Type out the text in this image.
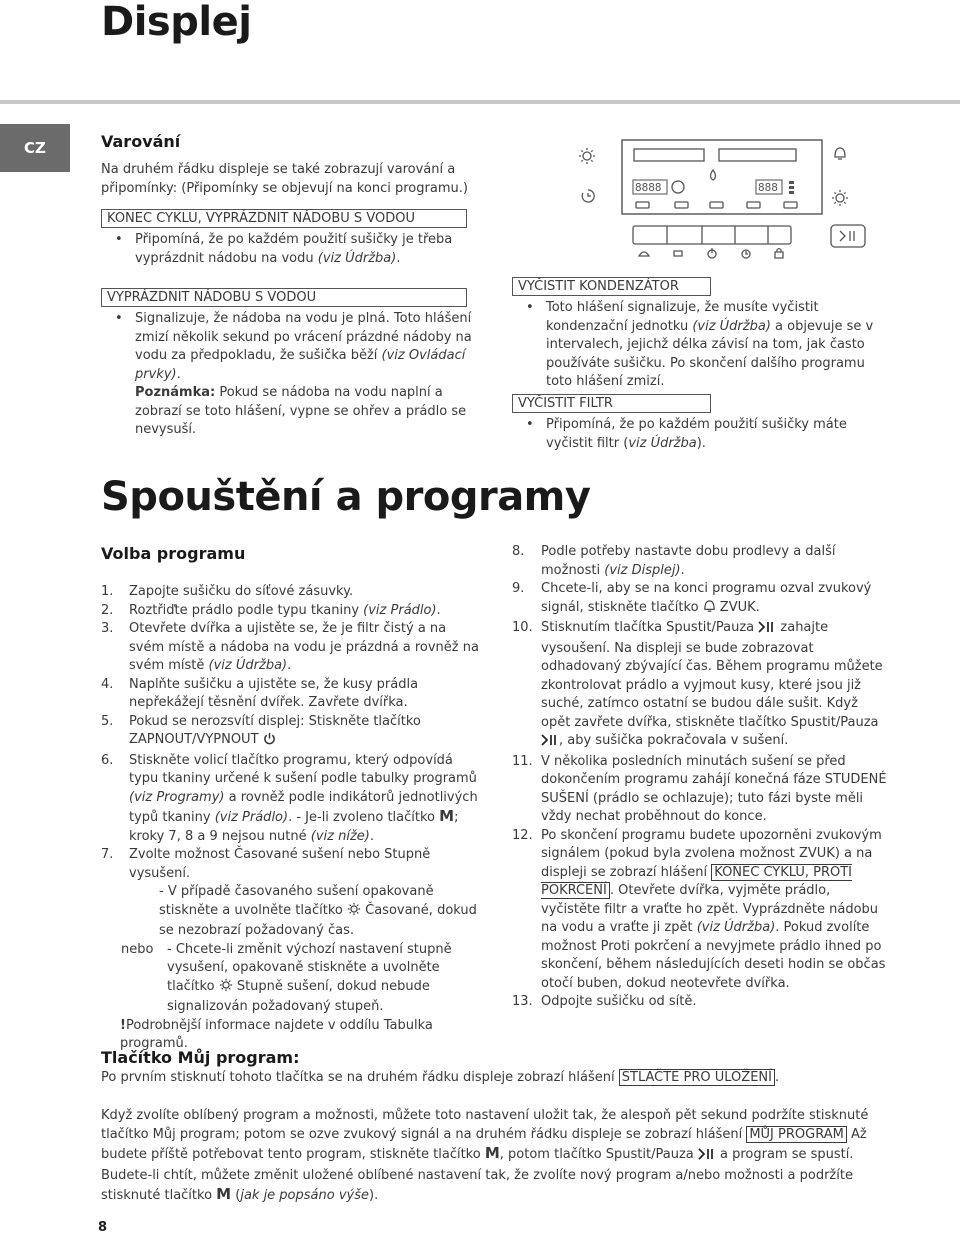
Displej
CZ	Varování
Na druhém řádku displeje se také zobrazují varování a připomínky: (Připomínky se objevují na konci programu.)
KONEC CYKLU, VYPRÁZDNIT NÁDOBU S VODOU
• Připomíná, že po každém použití sušičky je třeba vyprázdnit nádobu na vodu (viz Údržba).
VYPRÁZDNIT NÁDOBU S VODOU
• Signalizuje, že nádoba na vodu je plná. Toto hlášení zmizí několik sekund po vrácení prázdné nádoby na vodu za předpokladu, že sušička běží (viz Ovládací prvky).
Poznámka: Pokud se nádoba na vodu naplní a zobrazí se toto hlášení, vypne se ohřev a prádlo se nevysuší.
8888	888
VYČISTIT KONDENZÁTOR
• Toto hlášení signalizuje, že musíte vyčistit kondenzační jednotku (viz Údržba) a objevuje se v intervalech, jejichž délka závisí na tom, jak často používáte sušičku. Po skončení dalšího programu toto hlášení zmizí.
VYČISTIT FILTR
• Připomíná, že po každém použití sušičky máte vyčistit filtr (viz Údržba).
Spouštění a programy
Volba programu
1. Zapojte sušičku do síťové zásuvky.
2. Roztřiďte prádlo podle typu tkaniny (viz Prádlo).
3. Otevřete dvířka a ujistěte se, že je filtr čistý a na svém místě a nádoba na vodu je prázdná a rovněž na svém místě (viz Údržba).
4. Naplňte sušičku a ujistěte se, že kusy prádla nepřekážejí těsnění dvířek. Zavřete dvířka.
5. Pokud se nerozsvítí displej: Stiskněte tlačítko ZAPNOUT/VYPNOUT
6. Stiskněte volicí tlačítko programu, který odpovídá typu tkaniny určené k sušení podle tabulky programů (viz Programy) a rovněž podle indikátorů jednotlivých typů tkaniny (viz Prádlo). - Je-li zvoleno tlačítko M; kroky 7, 8 a 9 nejsou nutné (viz níže).
7. Zvolte možnost Časované sušení nebo Stupně vysušení.
- V případě časovaného sušení opakovaně stiskněte a uvolněte tlačítko  Časované, dokud se nezobrazí požadovaný čas.
nebo - Chcete-li změnit výchozí nastavení stupně vysušení, opakovaně stiskněte a uvolněte tlačítko  Stupně sušení, dokud nebude signalizován požadovaný stupeň.
!Podrobnější informace najdete v oddílu Tabulka programů.
8. Podle potřeby nastavte dobu prodlevy a další možnosti (viz Displej).
9. Chcete-li, aby se na konci programu ozval zvukový signál, stiskněte tlačítko  ZVUK.
10. Stisknutím tlačítka Spustit/Pauza  zahajte vysoušení. Na displeji se bude zobrazovat odhadovaný zbývající čas. Během programu můžete zkontrolovat prádlo a vyjmout kusy, které jsou již suché, zatímco ostatní se budou dále sušit. Když opět zavřete dvířka, stiskněte tlačítko Spustit/Pauza , aby sušička pokračovala v sušení.
11. V několika posledních minutách sušení se před dokončením programu zahájí konečná fáze STUDENÉ SUŠENÍ (prádlo se ochlazuje); tuto fázi byste měli vždy nechat proběhnout do konce.
12. Po skončení programu budete upozorněni zvukovým signálem (pokud byla zvolena možnost ZVUK) a na displeji se zobrazí hlášení KONEC CYKLU, PROTI POKRČENÍ . Otevřete dvířka, vyjměte prádlo, vyčistěte filtr a vraťte ho zpět. Vyprázdněte nádobu na vodu a vraťte ji zpět (viz Údržba). Pokud zvolíte možnost Proti pokrčení a nevyjmete prádlo ihned po skončení, během následujících deseti hodin se občas otočí buben, dokud neotevřete dvířka.
13. Odpojte sušičku od sítě.
Tlačítko Můj program:
Po prvním stisknutí tohoto tlačítka se na druhém řádku displeje zobrazí hlášení STLAČTE PRO ULOŽENÍ .
Když zvolíte oblíbený program a možnosti, můžete toto nastavení uložit tak, že alespoň pět sekund podržíte stisknuté tlačítko Můj program; potom se ozve zvukový signál a na druhém řádku displeje se zobrazí hlášení MŮJ PROGRAM Až budete příště potřebovat tento program, stiskněte tlačítko M, potom tlačítko Spustit/Pauza  a program se spustí. Budete-li chtít, můžete změnit uložené oblíbené nastavení tak, že zvolíte nový program a/nebo možnosti a podržíte stisknuté tlačítko M (jak je popsáno výše).
8
